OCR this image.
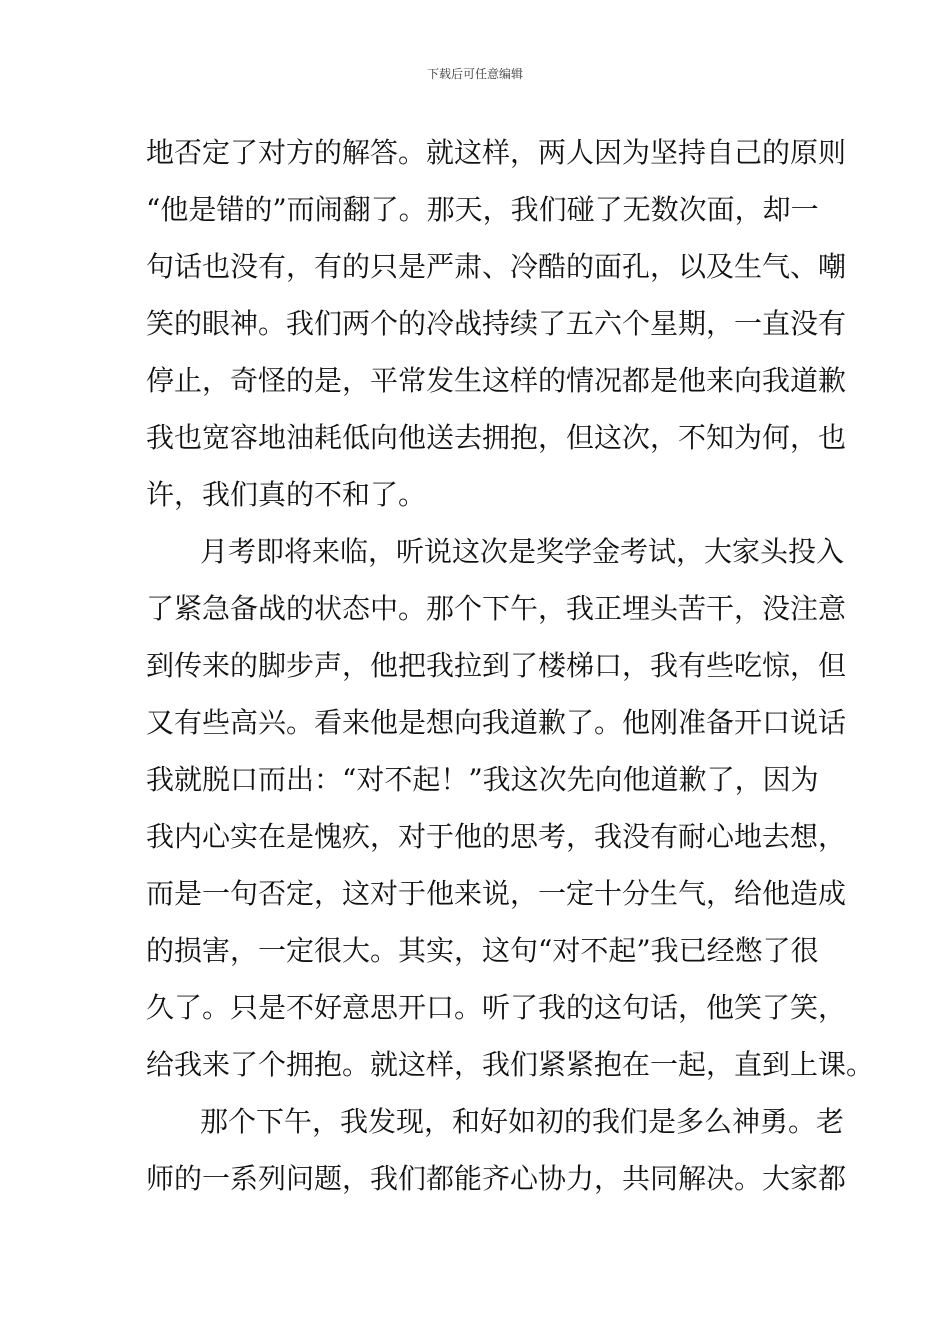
下载后可任意编辑
地否定了对方的解答。就这样，两人因为坚持自己的原则
“他是错的”而闹翻了。那天，我们碰了无数次面，却一
句话也没有，有的只是严肃、冷酷的面孔，以及生气、嘲
笑的眼神。我们两个的冷战持续了五六个星期，一直没有
停止，奇怪的是，平常发生这样的情况都是他来向我道歉
我也宽容地油耗低向他送去拥抱，但这次，不知为何，也
许，我们真的不和了。
月考即将来临，听说这次是奖学金考试，大家头投入
了紧急备战的状态中。那个下午，我正埋头苦干，没注意
到传来的脚步声，他把我拉到了楼梯口，我有些吃惊，但
又有些高兴。看来他是想向我道歉了。他刚准备开口说话
我就脱口而出：“对不起！”我这次先向他道歉了，因为
我内心实在是愧疚，对于他的思考，我没有耐心地去想，
而是一句否定，这对于他来说，一定十分生气，给他造成
的损害，一定很大。其实，这句“对不起”我已经憋了很
久了。只是不好意思开口。听了我的这句话，他笑了笑，
给我来了个拥抱。就这样，我们紧紧抱在一起，直到上课。
那个下午，我发现，和好如初的我们是多么神勇。老
师的一系列问题，我们都能齐心协力，共同解决。大家都
